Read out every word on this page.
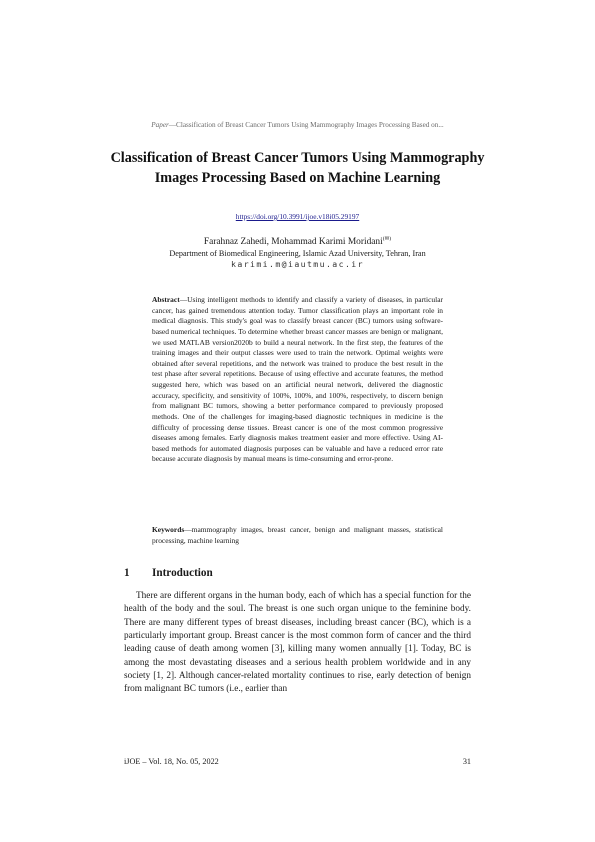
Paper—Classification of Breast Cancer Tumors Using Mammography Images Processing Based on...
Classification of Breast Cancer Tumors Using Mammography Images Processing Based on Machine Learning
https://doi.org/10.3991/ijoe.v18i05.29197
Farahnaz Zahedi, Mohammad Karimi Moridani(✉)
Department of Biomedical Engineering, Islamic Azad University, Tehran, Iran
karimi.m@iautmu.ac.ir

Abstract—Using intelligent methods to identify and classify a variety of diseases, in particular cancer, has gained tremendous attention today. Tumor classification plays an important role in medical diagnosis. This study's goal was to classify breast cancer (BC) tumors using software-based numerical techniques. To determine whether breast cancer masses are benign or malignant, we used MATLAB version2020b to build a neural network. In the first step, the features of the training images and their output classes were used to train the network. Optimal weights were obtained after several repetitions, and the network was trained to produce the best result in the test phase after several repetitions. Because of using effective and accurate features, the method suggested here, which was based on an artificial neural network, delivered the diagnostic accuracy, specificity, and sensitivity of 100%, 100%, and 100%, respectively, to discern benign from malignant BC tumors, showing a better performance compared to previously proposed methods. One of the challenges for imaging-based diagnostic techniques in medicine is the difficulty of processing dense tissues. Breast cancer is one of the most common progressive diseases among females. Early diagnosis makes treatment easier and more effective. Using AI-based methods for automated diagnosis purposes can be valuable and have a reduced error rate because accurate diagnosis by manual means is time-consuming and error-prone.

Keywords—mammography images, breast cancer, benign and malignant masses, statistical processing, machine learning

1 Introduction

There are different organs in the human body, each of which has a special function for the health of the body and the soul. The breast is one such organ unique to the feminine body. There are many different types of breast diseases, including breast cancer (BC), which is a particularly important group. Breast cancer is the most common form of cancer and the third leading cause of death among women [3], killing many women annually [1]. Today, BC is among the most devastating diseases and a serious health problem worldwide and in any society [1, 2]. Although cancer-related mortality continues to rise, early detection of benign from malignant BC tumors (i.e., earlier than

iJOE ‒ Vol. 18, No. 05, 2022	31
